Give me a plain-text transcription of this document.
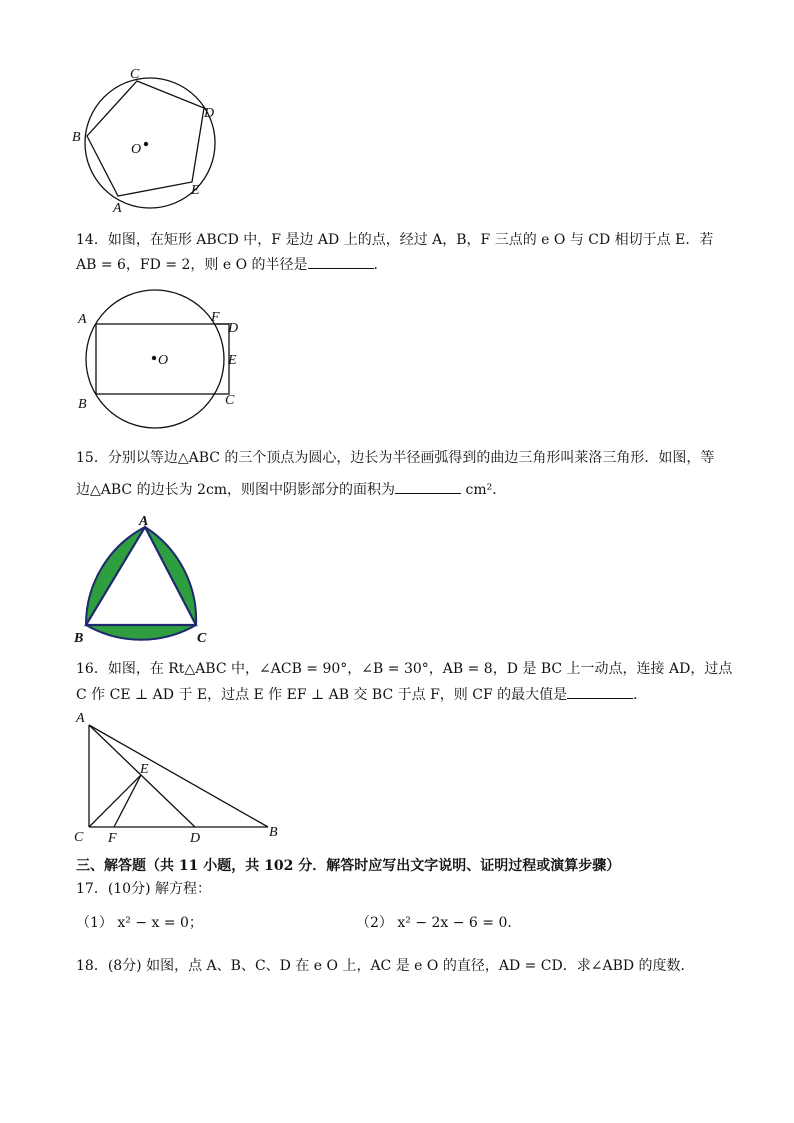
C
D
B
O
E
A
14．如图，在矩形 ABCD 中，F 是边 AD 上的点，经过 A，B，F 三点的 e O 与 CD 相切于点 E．若
AB = 6，FD = 2，则 e O 的半径是	．
A	F
D
O	E
B	C
15．分别以等边△ABC 的三个顶点为圆心，边长为半径画弧得到的曲边三角形叫莱洛三角形．如图，等
边△ABC 的边长为 2cm，则图中阴影部分的面积为	cm²．
A
B	C
16．如图，在 Rt△ABC 中，∠ACB = 90°，∠B = 30°，AB = 8，D 是 BC 上一动点，连接 AD，过点
C 作 CE ⊥ AD 于 E，过点 E 作 EF ⊥ AB 交 BC 于点 F，则 CF 的最大值是	．
A
E
C F	D	B
三、解答题（共 11 小题，共 102 分．解答时应写出文字说明、证明过程或演算步骤）
17．(10分) 解方程：
（1） x² − x = 0；	（2） x² − 2x − 6 = 0．
18．(8分) 如图，点 A、B、C、D 在 e O 上，AC 是 e O 的直径，AD = CD．求∠ABD 的度数．
